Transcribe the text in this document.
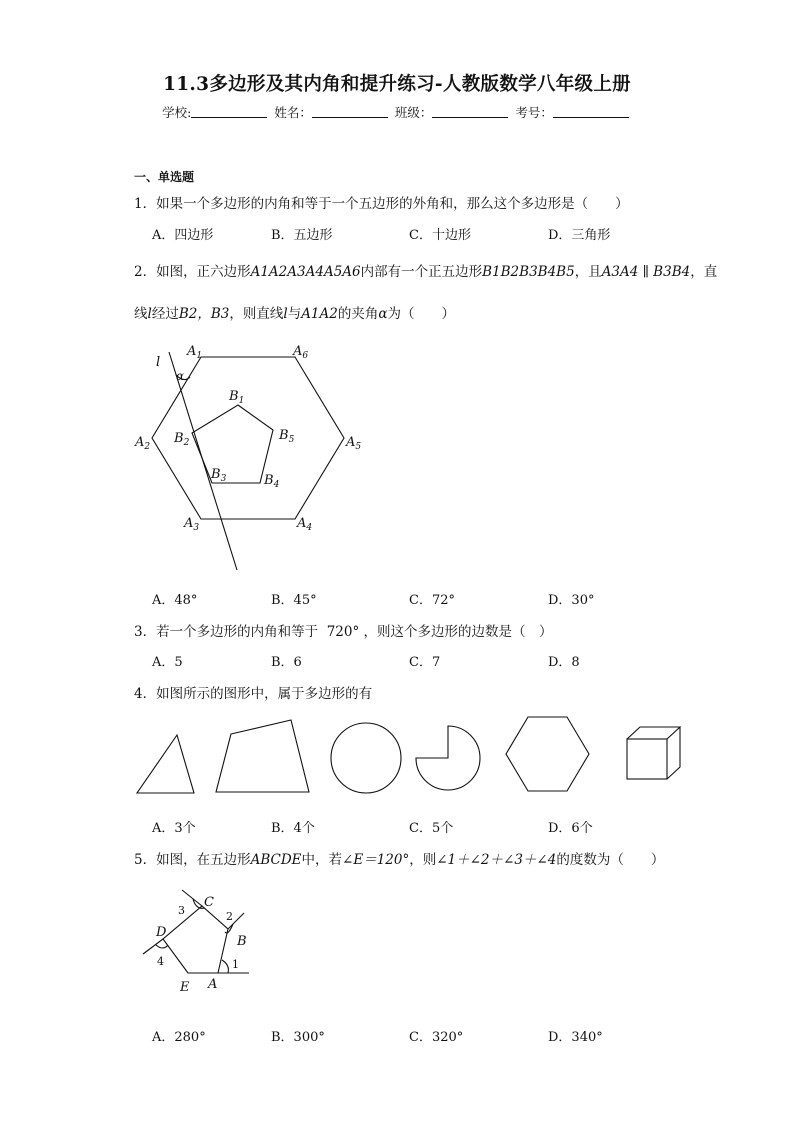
11.3多边形及其内角和提升练习-人教版数学八年级上册
学校:	姓名：	班级：	考号：
一、单选题
1．如果一个多边形的内角和等于一个五边形的外角和，那么这个多边形是（　　）
A．四边形	B．五边形	C．十边形	D．三角形
2．如图，正六边形A1A2A3A4A5A6内部有一个正五边形B1B2B3B4B5，且A3A4 ∥ B3B4，直
线l经过B2，B3，则直线l与A1A2的夹角α为（　　）
$A_1$	$A_6$
$A_2$	$A_5$
$A_3$	$A_4$
$B_1$
$B_2$	$B_5$
$B_3$	$B_4$
l
α
A．48°	B．45°	C．72°	D．30°
3．若一个多边形的内角和等于 720° ，则这个多边形的边数是（　）
A．5	B．6	C．7	D．8
4．如图所示的图形中，属于多边形的有
A．3个	B．4个	C．5个	D．6个
5．如图，在五边形ABCDE中，若∠E＝120°，则∠1＋∠2＋∠3＋∠4的度数为（　　）
C
B
D
E A
3	2
4	1
A．280°	B．300°	C．320°	D．340°
